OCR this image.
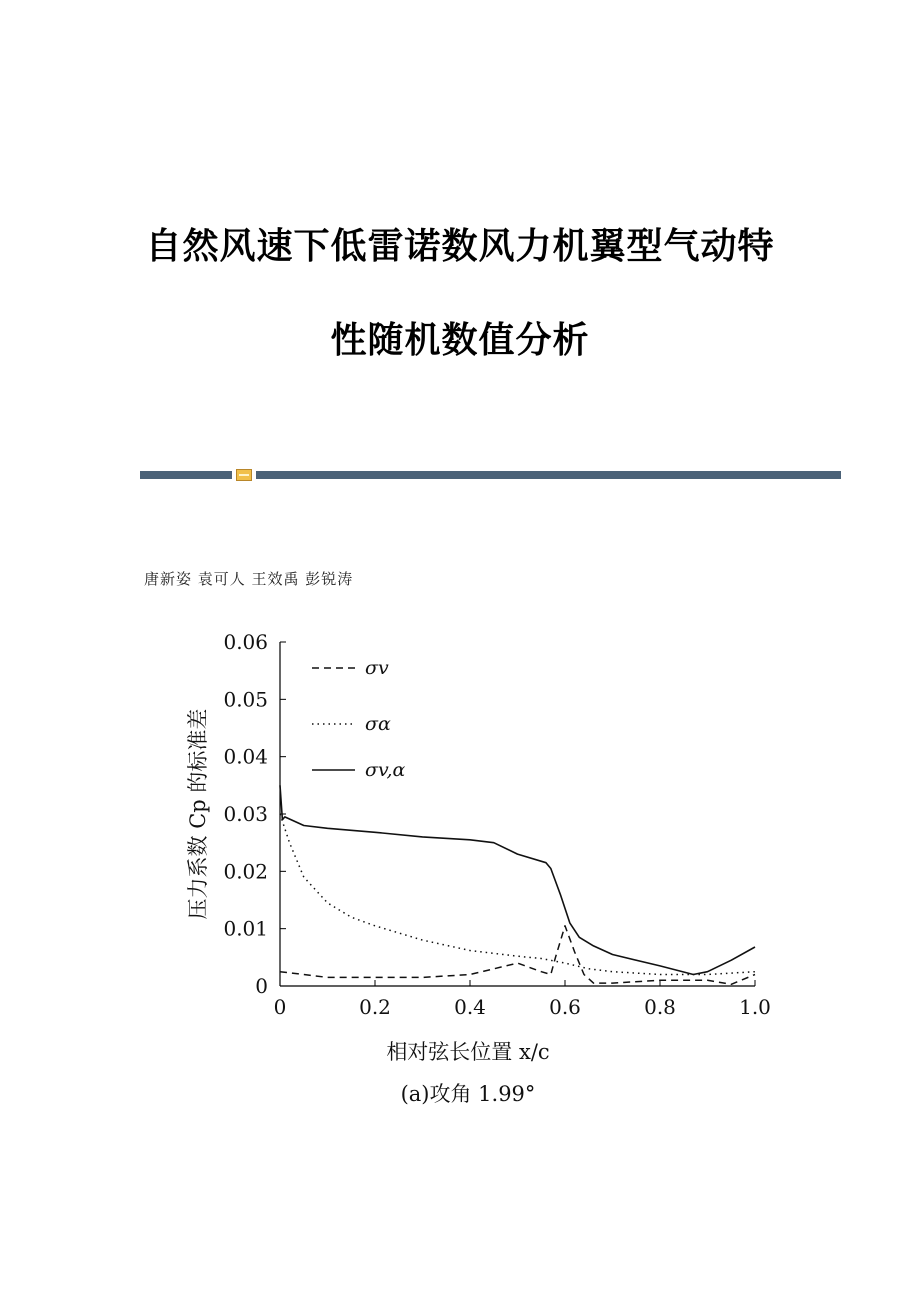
自然风速下低雷诺数风力机翼型气动特
性随机数值分析
唐新姿 袁可人 王效禹 彭锐涛
0
0.01
0.02
0.03
0.04
0.05
0.06
0	0.2	0.4	0.6	0.8	1.0
压力系数 Cp 的标准差
σv
σα
σv,α
相对弦长位置 x/c
(a)攻角 1.99°
